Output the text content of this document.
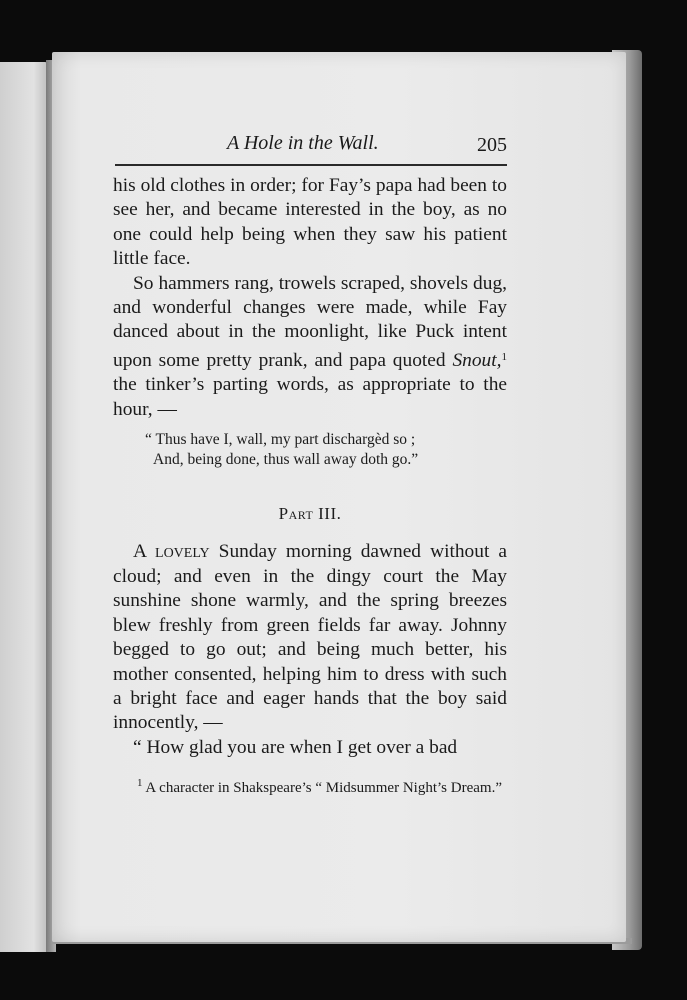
A Hole in the Wall.	205

his old clothes in order; for Fay’s papa had been to see her, and became interested in the boy, as no one could help being when they saw his patient little face.

So hammers rang, trowels scraped, shovels dug, and wonderful changes were made, while Fay danced about in the moonlight, like Puck intent upon some pretty prank, and papa quoted Snout,$^1$ the tinker’s parting words, as appropriate to the hour, —

“ Thus have I, wall, my part dischargèd so ;
And, being done, thus wall away doth go.”
Part III.

A lovely Sunday morning dawned without a cloud; and even in the dingy court the May sunshine shone warmly, and the spring breezes blew freshly from green fields far away. Johnny begged to go out; and being much better, his mother consented, helping him to dress with such a bright face and eager hands that the boy said innocently, —

“ How glad you are when I get over a bad

$^1$ A character in Shakspeare’s “ Midsummer Night’s Dream.”
